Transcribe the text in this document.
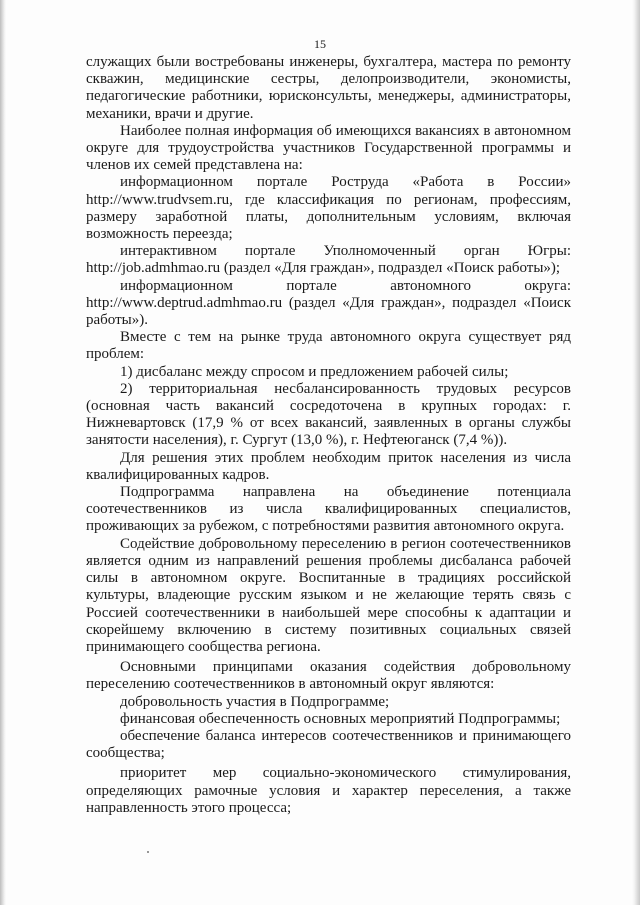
15

служащих были востребованы инженеры, бухгалтера, мастера по ремонту скважин, медицинские сестры, делопроизводители, экономисты, педагогические работники, юрисконсульты, менеджеры, администраторы, механики, врачи и другие.

Наиболее полная информация об имеющихся вакансиях в автономном округе для трудоустройства участников Государственной программы и членов их семей представлена на:

информационном портале Роструда «Работа в России» http://www.trudvsem.ru, где классификация по регионам, профессиям, размеру заработной платы, дополнительным условиям, включая возможность переезда;

интерактивном портале Уполномоченный орган Югры: http://job.admhmao.ru (раздел «Для граждан», подраздел «Поиск работы»);

информационном портале автономного округа: http://www.deptrud.admhmao.ru (раздел «Для граждан», подраздел «Поиск работы»).

Вместе с тем на рынке труда автономного округа существует ряд проблем:

1) дисбаланс между спросом и предложением рабочей силы;

2) территориальная несбалансированность трудовых ресурсов (основная часть вакансий сосредоточена в крупных городах: г. Нижневартовск (17,9 % от всех вакансий, заявленных в органы службы занятости населения), г. Сургут (13,0 %), г. Нефтеюганск (7,4 %)).

Для решения этих проблем необходим приток населения из числа квалифицированных кадров.

Подпрограмма направлена на объединение потенциала соотечественников из числа квалифицированных специалистов, проживающих за рубежом, с потребностями развития автономного округа.

Содействие добровольному переселению в регион соотечественников является одним из направлений решения проблемы дисбаланса рабочей силы в автономном округе. Воспитанные в традициях российской культуры, владеющие русским языком и не желающие терять связь с Россией соотечественники в наибольшей мере способны к адаптации и скорейшему включению в систему позитивных социальных связей принимающего сообщества региона.

Основными принципами оказания содействия добровольному переселению соотечественников в автономный округ являются:

добровольность участия в Подпрограмме;

финансовая обеспеченность основных мероприятий Подпрограммы;

обеспечение баланса интересов соотечественников и принимающего сообщества;

приоритет мер социально-экономического стимулирования, определяющих рамочные условия и характер переселения, а также направленность этого процесса;
